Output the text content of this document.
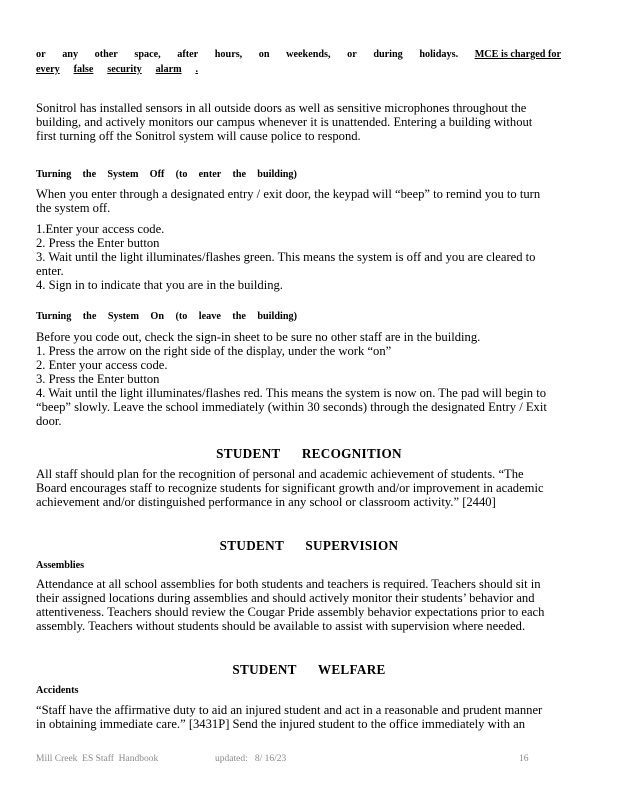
or any other space, after hours, on weekends, or during holidays. MCE is charged for
every false security alarm .

Sonitrol has installed sensors in all outside doors as well as sensitive microphones throughout the

building, and actively monitors our campus whenever it is unattended. Entering a building without

first turning off the Sonitrol system will cause police to respond.

Turning the System Off (to enter the building)

When you enter through a designated entry / exit door, the keypad will “beep” to remind you to turn

the system off.

1.Enter your access code.

2. Press the Enter button

3. Wait until the light illuminates/flashes green. This means the system is off and you are cleared to

enter.

4. Sign in to indicate that you are in the building.

Turning the System On (to leave the building)

Before you code out, check the sign-in sheet to be sure no other staff are in the building.

1. Press the arrow on the right side of the display, under the work “on”

2. Enter your access code.

3. Press the Enter button

4. Wait until the light illuminates/flashes red. This means the system is now on. The pad will begin to

“beep” slowly. Leave the school immediately (within 30 seconds) through the designated Entry / Exit

door.

STUDENT      RECOGNITION

All staff should plan for the recognition of personal and academic achievement of students. “The

Board encourages staff to recognize students for significant growth and/or improvement in academic

achievement and/or distinguished performance in any school or classroom activity.” [2440]

STUDENT      SUPERVISION
Assemblies

Attendance at all school assemblies for both students and teachers is required. Teachers should sit in

their assigned locations during assemblies and should actively monitor their students’ behavior and

attentiveness. Teachers should review the Cougar Pride assembly behavior expectations prior to each

assembly. Teachers without students should be available to assist with supervision where needed.

STUDENT      WELFARE
Accidents

“Staff have the affirmative duty to aid an injured student and act in a reasonable and prudent manner

in obtaining immediate care.” [3431P] Send the injured student to the office immediately with an

Mill Creek  ES Staff  Handbook	updated:   8/ 16/23	16
